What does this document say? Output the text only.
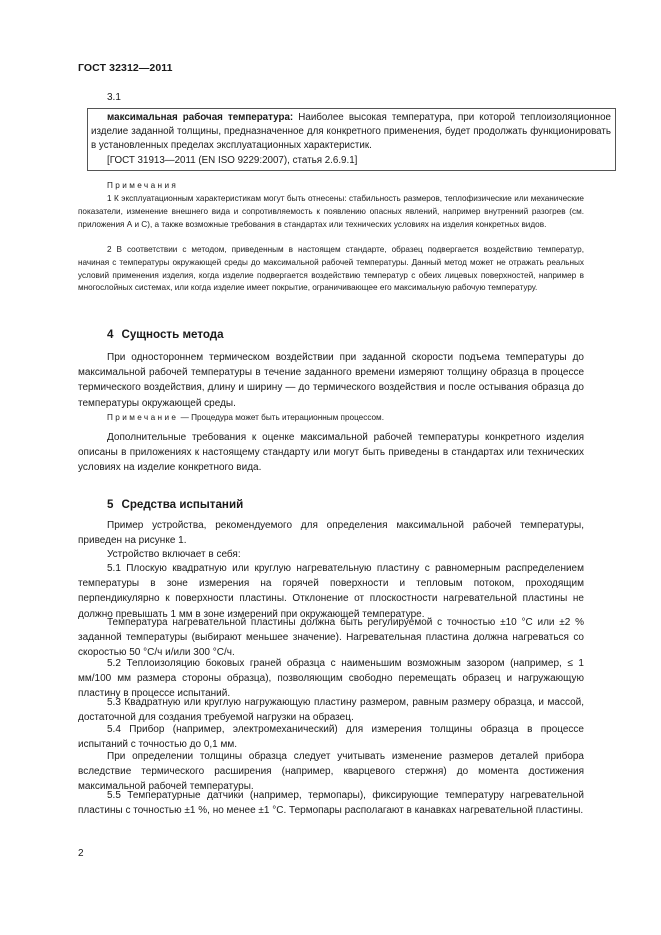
ГОСТ 32312—2011
3.1
максимальная рабочая температура: Наиболее высокая температура, при которой теплоизоляционное изделие заданной толщины, предназначенное для конкретного применения, будет продолжать функционировать в установленных пределах эксплуатационных характеристик.
[ГОСТ 31913—2011 (EN ISO 9229:2007), статья 2.6.9.1]
Примечания
1 К эксплуатационным характеристикам могут быть отнесены: стабильность размеров, теплофизические или механические показатели, изменение внешнего вида и сопротивляемость к появлению опасных явлений, например внутренний разогрев (см. приложения А и С), а также возможные требования в стандартах или технических условиях на изделия конкретных видов.
2 В соответствии с методом, приведенным в настоящем стандарте, образец подвергается воздействию температур, начиная с температуры окружающей среды до максимальной рабочей температуры. Данный метод может не отражать реальных условий применения изделия, когда изделие подвергается воздействию температур с обеих лицевых поверхностей, например в многослойных системах, или когда изделие имеет покрытие, ограничивающее его максимальную рабочую температуру.
4 Сущность метода
При одностороннем термическом воздействии при заданной скорости подъема температуры до максимальной рабочей температуры в течение заданного времени измеряют толщину образца в процессе термического воздействия, длину и ширину — до термического воздействия и после остывания образца до температуры окружающей среды.
Примечание — Процедура может быть итерационным процессом.
Дополнительные требования к оценке максимальной рабочей температуры конкретного изделия описаны в приложениях к настоящему стандарту или могут быть приведены в стандартах или технических условиях на изделие конкретного вида.
5 Средства испытаний
Пример устройства, рекомендуемого для определения максимальной рабочей температуры, приведен на рисунке 1.
Устройство включает в себя:
5.1 Плоскую квадратную или круглую нагревательную пластину с равномерным распределением температуры в зоне измерения на горячей поверхности и тепловым потоком, проходящим перпендикулярно к поверхности пластины. Отклонение от плоскостности нагревательной пластины не должно превышать 1 мм в зоне измерений при окружающей температуре.
Температура нагревательной пластины должна быть регулируемой с точностью ±10 °С или ±2 % заданной температуры (выбирают меньшее значение). Нагревательная пластина должна нагреваться со скоростью 50 °С/ч и/или 300 °С/ч.
5.2 Теплоизоляцию боковых граней образца с наименьшим возможным зазором (например, ≤ 1 мм/100 мм размера стороны образца), позволяющим свободно перемещать образец и нагружающую пластину в процессе испытаний.
5.3 Квадратную или круглую нагружающую пластину размером, равным размеру образца, и массой, достаточной для создания требуемой нагрузки на образец.
5.4 Прибор (например, электромеханический) для измерения толщины образца в процессе испытаний с точностью до 0,1 мм.
При определении толщины образца следует учитывать изменение размеров деталей прибора вследствие термического расширения (например, кварцевого стержня) до момента достижения максимальной рабочей температуры.
5.5 Температурные датчики (например, термопары), фиксирующие температуру нагревательной пластины с точностью ±1 %, но менее ±1 °С. Термопары располагают в канавках нагревательной пластины.
2
